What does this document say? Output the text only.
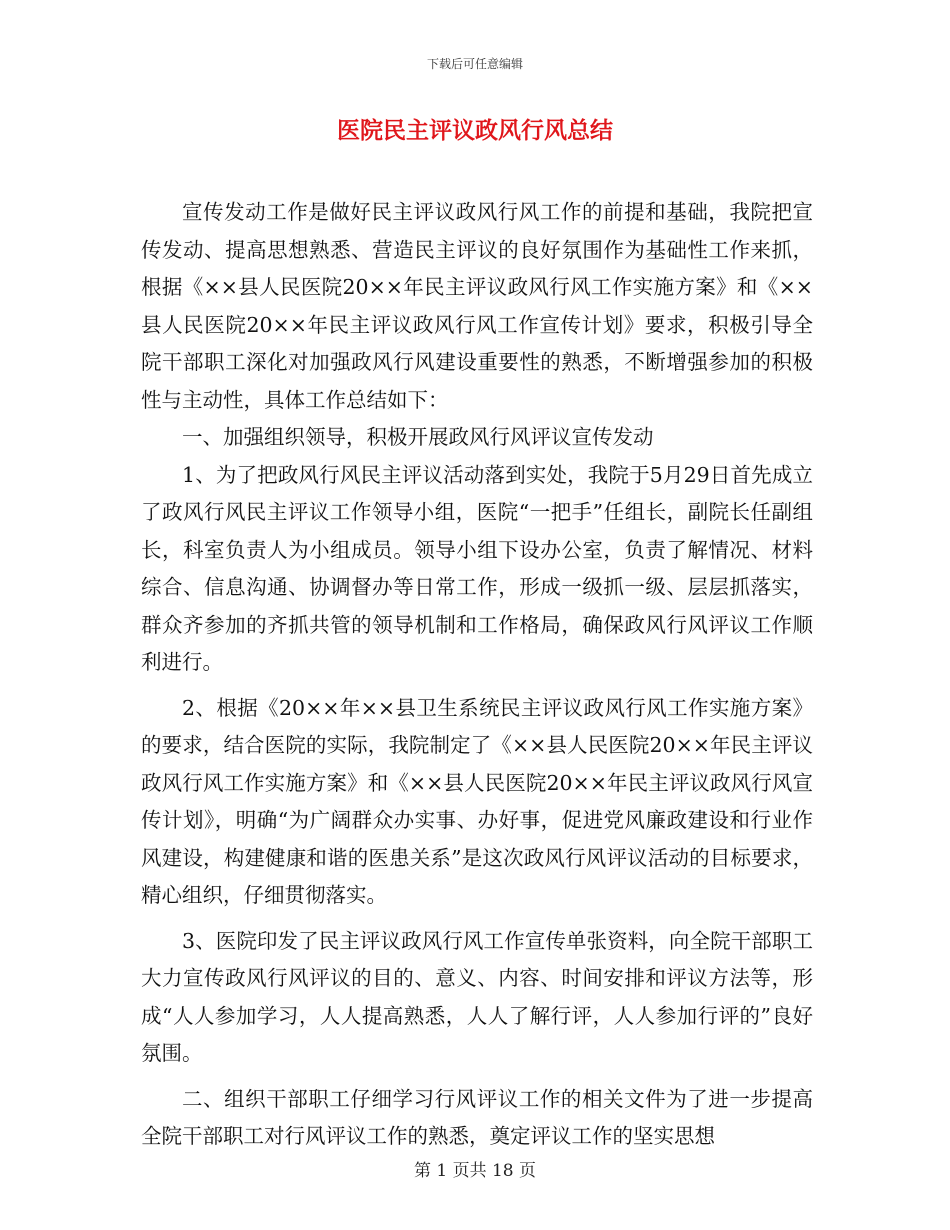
下载后可任意编辑
医院民主评议政风行风总结

宣传发动工作是做好民主评议政风行风工作的前提和基础，我院把宣传发动、提高思想熟悉、营造民主评议的良好氛围作为基础性工作来抓，根据《××县人民医院20××年民主评议政风行风工作实施方案》和《××县人民医院20××年民主评议政风行风工作宣传计划》要求，积极引导全院干部职工深化对加强政风行风建设重要性的熟悉，不断增强参加的积极性与主动性，具体工作总结如下：

一、加强组织领导，积极开展政风行风评议宣传发动

1、为了把政风行风民主评议活动落到实处，我院于5月29日首先成立了政风行风民主评议工作领导小组，医院“一把手”任组长，副院长任副组长，科室负责人为小组成员。领导小组下设办公室，负责了解情况、材料综合、信息沟通、协调督办等日常工作，形成一级抓一级、层层抓落实，群众齐参加的齐抓共管的领导机制和工作格局，确保政风行风评议工作顺利进行。

2、根据《20××年××县卫生系统民主评议政风行风工作实施方案》的要求，结合医院的实际，我院制定了《××县人民医院20××年民主评议政风行风工作实施方案》和《××县人民医院20××年民主评议政风行风宣传计划》，明确“为广阔群众办实事、办好事，促进党风廉政建设和行业作风建设，构建健康和谐的医患关系”是这次政风行风评议活动的目标要求，精心组织，仔细贯彻落实。

3、医院印发了民主评议政风行风工作宣传单张资料，向全院干部职工大力宣传政风行风评议的目的、意义、内容、时间安排和评议方法等，形成“人人参加学习，人人提高熟悉，人人了解行评，人人参加行评的”良好氛围。

二、组织干部职工仔细学习行风评议工作的相关文件为了进一步提高全院干部职工对行风评议工作的熟悉，奠定评议工作的坚实思想

第 1 页共 18 页
